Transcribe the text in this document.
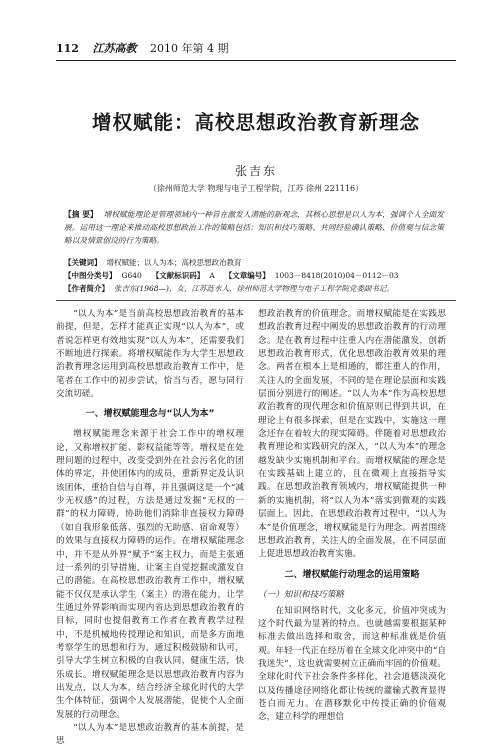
112 江苏高教 2010 年第 4 期
增权赋能：高校思想政治教育新理念
张吉东
（徐州师范大学 物理与电子工程学院，江苏 徐州 221116）
【摘 要】 增权赋能理论是管理领域内一种旨在激发人潜能的新观念，其核心思想是以人为本，强调个人全面发展。运用这一理论来推动高校思想政治工作的策略包括：知识和技巧策略、共同经验确认策略、价值观与信念策略以及情景创设的行为策略。
【关键词】 增权赋能；以人为本；高校思想政治教育
【中图分类号】 G640 【文献标识码】 A 【文章编号】 1003－8418(2010)04－0112－03
【作者简介】 张吉东(1968—)，女，江苏涟水人，徐州师范大学物理与电子工程学院党委副书记。

“以人为本”是当前高校思想政治教育的基本前提，但是，怎样才能真正实现“以人为本”，或者说怎样更有效地实现“以人为本”，还需要我们不断地进行探索。将增权赋能作为大学生思想政治教育理念运用到高校思想政治教育工作中，是笔者在工作中的初步尝试，恰当与否，愿与同行交流切磋。

一、增权赋能理念与“以人为本”

增权赋能理念来源于社会工作中的增权理论，又称增权扩能、影权益能等等。增权是在处理问题的过程中，改变受到外在社会污名化的团体的界定，并使团体内的成员，重新界定及认识该团体，重拾自信与自尊，并且强调这是一个“减少无权感”的过程，方法是通过发掘“无权的一群”的权力障碍，协助他们消除非直接权力障碍（如自我形象低落、强烈的无助感、宿命观等）的效果与直接权力障碍的运作。在增权赋能理念中，并不是从外界“赋予”案主权力，而是主张通过一系列的引导措施，让案主自觉挖掘或激发自己的潜能。在高校思想政治教育工作中，增权赋能不仅仅是承认学生（案主）的潜在能力，让学生通过外界影响而实现内省达到思想政治教育的目标，同时也提倡教育工作者在教育教学过程中，不是机械地传授理论和知识，而是多方面地考察学生的思想和行为，通过积极鼓励和认可，引导大学生树立积极的自我认同，健康生活，快乐成长。增权赋能理念是以思想政治教育内容为出发点，以人为本，结合经济全球化时代的大学生个体特征，强调个人发展潜能，促使个人全面发展的行动理念。

“以人为本”是思想政治教育的基本前提，是思

想政治教育的价值理念。而增权赋能是在实践思想政治教育过程中阐发的思想政治教育的行动理念。是在教育过程中注重人内在潜能激发，创新思想政治教育形式，优化思想政治教育效果的理念。两者在根本上是相通的，都注重人的作用，关注人的全面发展，不同的是在理论层面和实践层面分别进行的阐述。“以人为本”作为高校思想政治教育的现代理念和价值原则已得到共识，在理论上有很多探索，但是在实践中，实施这一理念还存在着较大的现实障碍。伴随着对思想政治教育理论和实践研究的深入，“以人为本”的理念越发缺少实施机制和平台。而增权赋能的理念是在实践基础上建立的，且在微观上直接指导实践。在思想政治教育领域内，增权赋能提供一种新的实施机制，将“以人为本”落实到微观的实践层面上。因此，在思想政治教育过程中，“以人为本”是价值理念，增权赋能是行为理念。两者围绕思想政治教育，关注人的全面发展，在不同层面上促进思想政治教育实施。

二、增权赋能行动理念的运用策略
（一）知识和技巧策略

在知识网络时代，文化多元，价值冲突成为这个时代最为显著的特点。也就越需要根据某种标准去做出选择和取舍，而这种标准就是价值观。年轻一代正在经历着在全球文化冲突中的“自我迷失”，这也就需要树立正确而牢固的价值观。全球化时代下社会条件多样化，社会道德淡漠化以及传播途径网络化都让传统的灌输式教育显得苍白而无力。在潜移默化中传授正确的价值观念，建立科学的理想信
